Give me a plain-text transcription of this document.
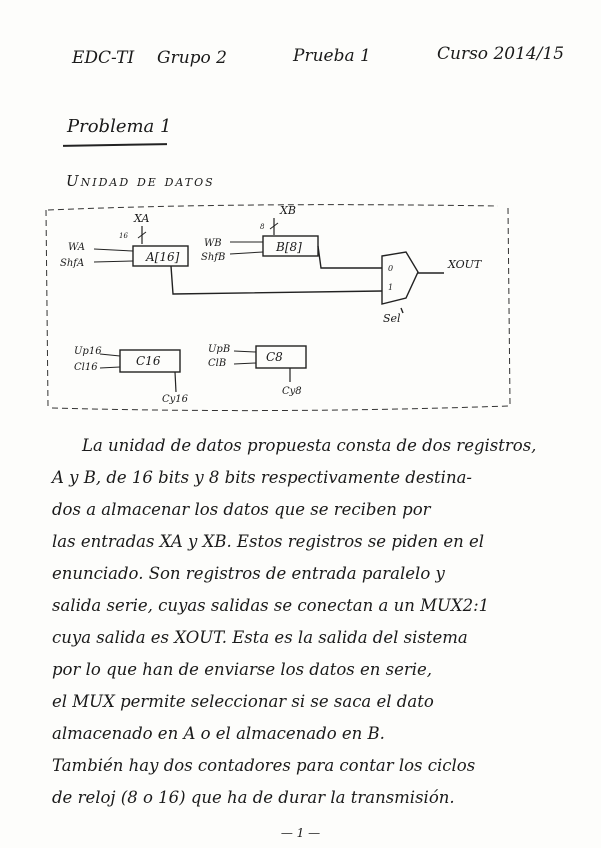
EDC-TI Grupo 2	Prueba 1	Curso 2014/15
Problema 1
Unidad de datos
A[16]
XA
16
WA
ShfA
B[8]
XB
8
WB
ShfB
0
1
Sel
XOUT
C16
Up16
Cl16
Cy16
C8
UpB
ClB
Cy8
La unidad de datos propuesta consta de dos registros,
A y B, de 16 bits y 8 bits respectivamente destina-
dos a almacenar los datos que se reciben por
las entradas XA y XB. Estos registros se piden en el
enunciado. Son registros de entrada paralelo y
salida serie, cuyas salidas se conectan a un MUX2:1
cuya salida es XOUT. Esta es la salida del sistema
por lo que han de enviarse los datos en serie,
el MUX permite seleccionar si se saca el dato
almacenado en A o el almacenado en B.
También hay dos contadores para contar los ciclos
de reloj (8 o 16) que ha de durar la transmisión.
— 1 —
